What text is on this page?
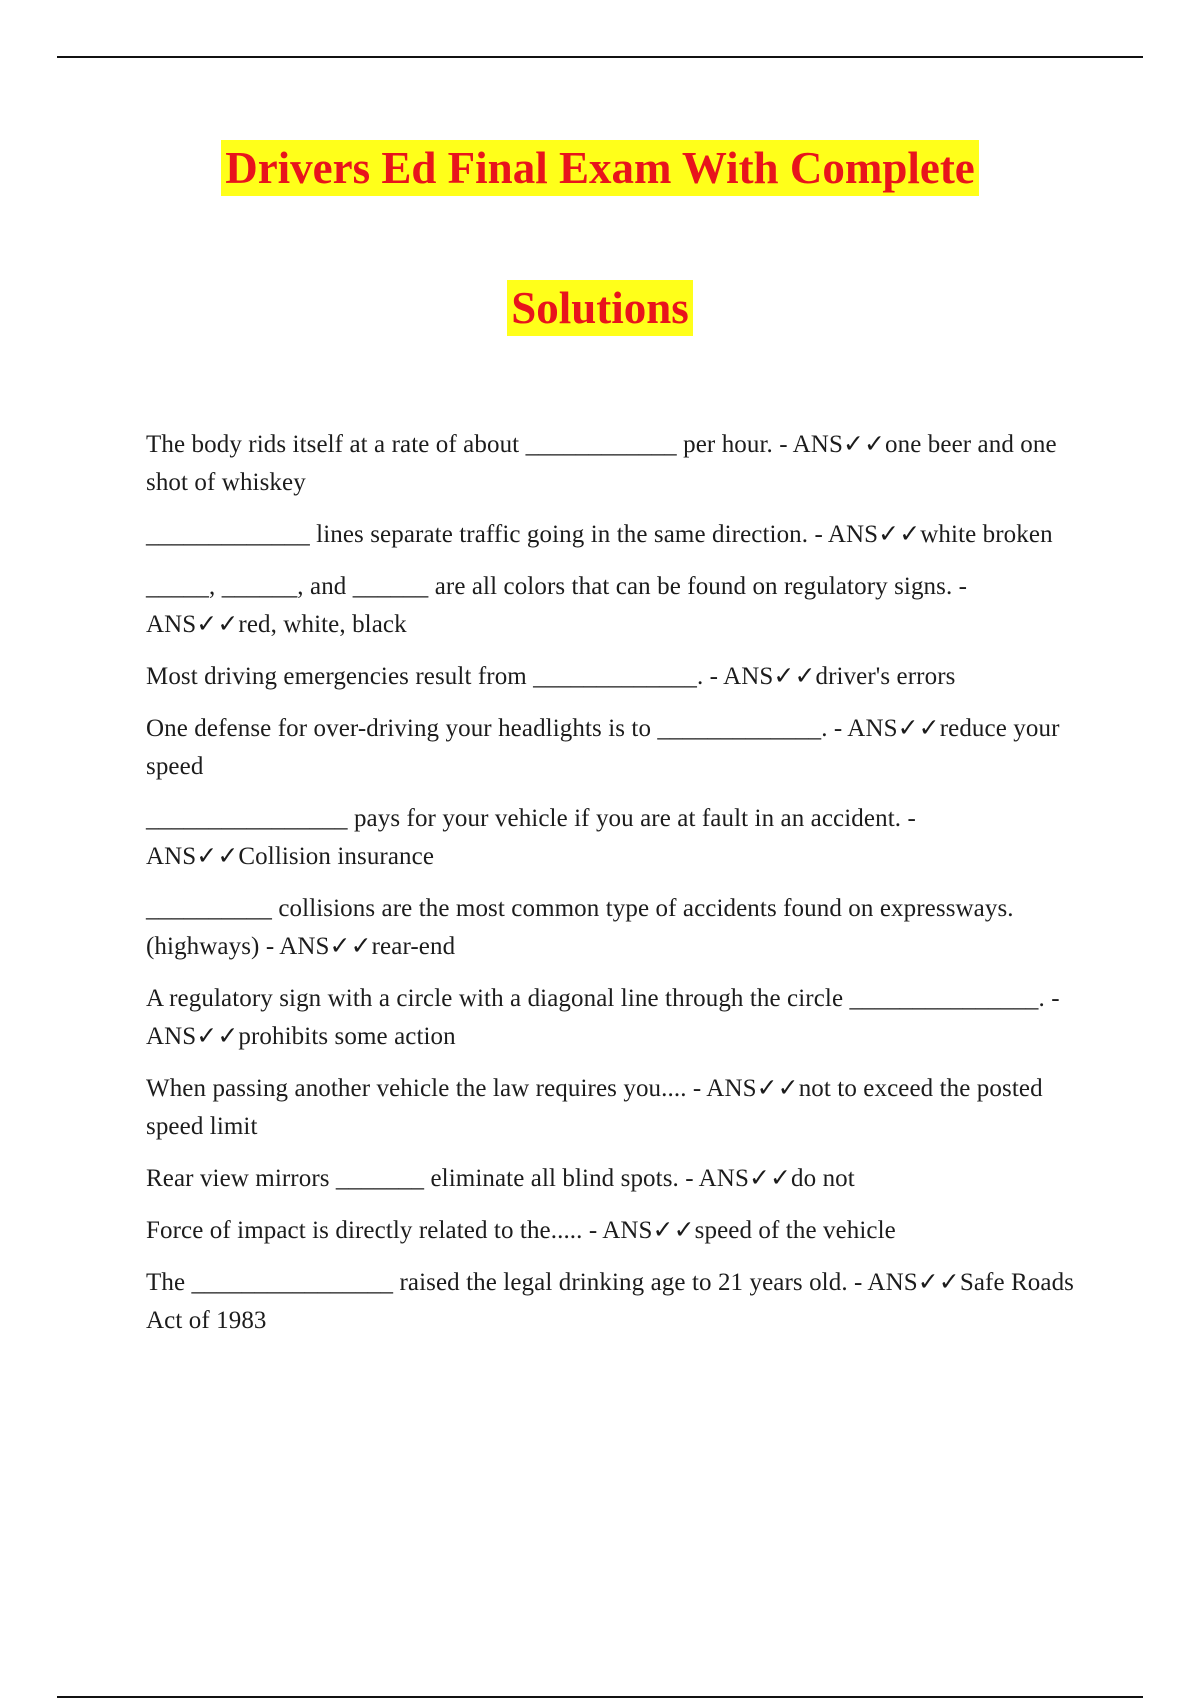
Drivers Ed Final Exam With Complete
Solutions

The body rids itself at a rate of about ____________ per hour. - ANS✓✓one beer and one shot of whiskey

_____________ lines separate traffic going in the same direction. - ANS✓✓white broken

_____, ______, and ______ are all colors that can be found on regulatory signs. - ANS✓✓red, white, black

Most driving emergencies result from _____________. - ANS✓✓driver's errors

One defense for over-driving your headlights is to _____________. - ANS✓✓reduce your speed

________________ pays for your vehicle if you are at fault in an accident. - ANS✓✓Collision insurance

__________ collisions are the most common type of accidents found on expressways. (highways) - ANS✓✓rear-end

A regulatory sign with a circle with a diagonal line through the circle _______________. - ANS✓✓prohibits some action

When passing another vehicle the law requires you.... - ANS✓✓not to exceed the posted speed limit

Rear view mirrors _______ eliminate all blind spots. - ANS✓✓do not

Force of impact is directly related to the..... - ANS✓✓speed of the vehicle

The ________________ raised the legal drinking age to 21 years old. - ANS✓✓Safe Roads Act of 1983
